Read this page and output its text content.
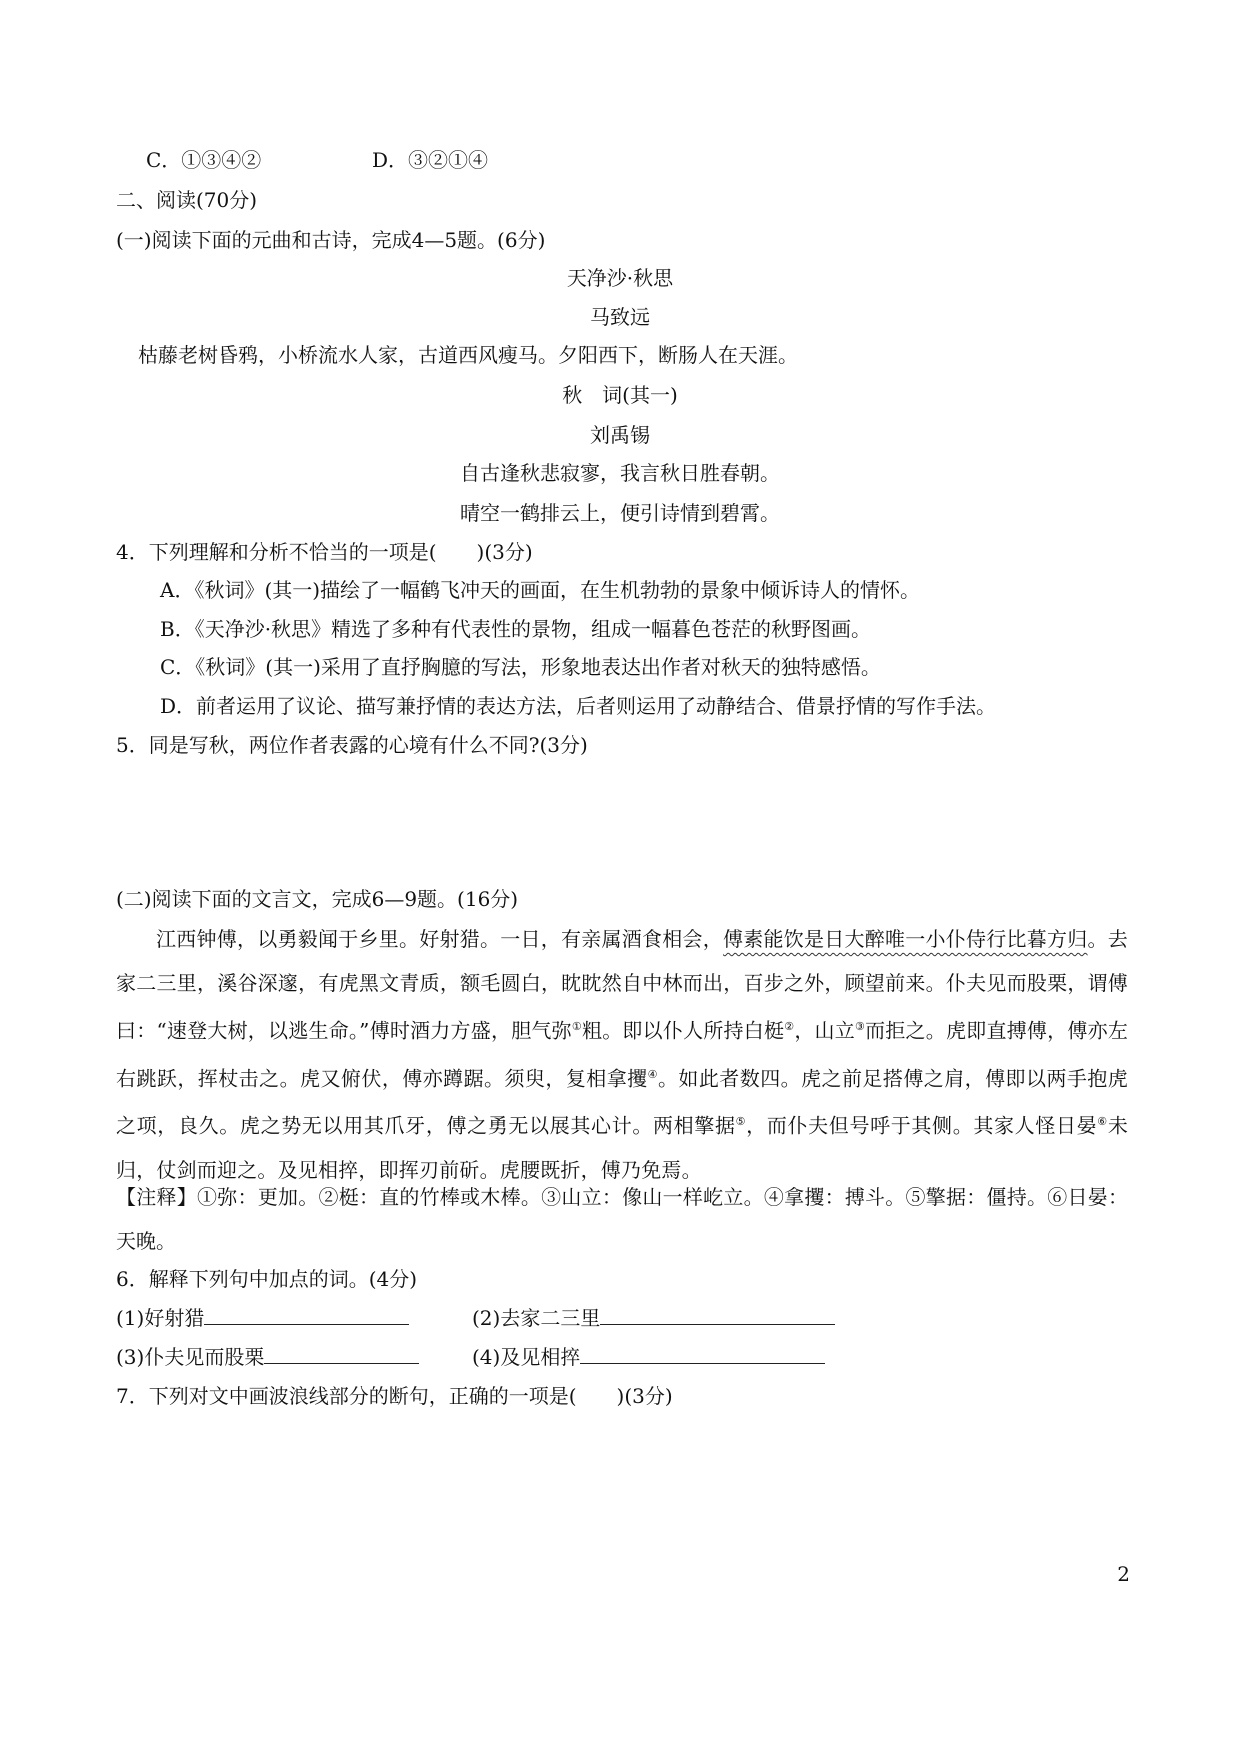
C．①③④②	D．③②①④
二、阅读(70分)
(一)阅读下面的元曲和古诗，完成4—5题。(6分)
天净沙·秋思
马致远
枯藤老树昏鸦，小桥流水人家，古道西风瘦马。夕阳西下，断肠人在天涯。
秋　词(其一)
刘禹锡
自古逢秋悲寂寥，我言秋日胜春朝。
晴空一鹤排云上，便引诗情到碧霄。
4．下列理解和分析不恰当的一项是(　　)(3分)
A．《秋词》(其一)描绘了一幅鹤飞冲天的画面，在生机勃勃的景象中倾诉诗人的情怀。
B．《天净沙·秋思》精选了多种有代表性的景物，组成一幅暮色苍茫的秋野图画。
C．《秋词》(其一)采用了直抒胸臆的写法，形象地表达出作者对秋天的独特感悟。
D．前者运用了议论、描写兼抒情的表达方法，后者则运用了动静结合、借景抒情的写作手法。
5．同是写秋，两位作者表露的心境有什么不同?(3分)
(二)阅读下面的文言文，完成6—9题。(16分)
江西钟傅，以勇毅闻于乡里。好射猎。一日，有亲属酒食相会，傅素能饮是日大醉唯一小仆侍行比暮方归。去家二三里，溪谷深邃，有虎黑文青质，额毛圆白，眈眈然自中林而出，百步之外，顾望前来。仆夫见而股栗，谓傅曰：“速登大树，以逃生命。”傅时酒力方盛，胆气弥①粗。即以仆人所持白梃②，山立③而拒之。虎即直搏傅，傅亦左右跳跃，挥杖击之。虎又俯伏，傅亦蹲踞。须臾，复相拿攫④。如此者数四。虎之前足搭傅之肩，傅即以两手抱虎之项，良久。虎之势无以用其爪牙，傅之勇无以展其心计。两相擎据⑤，而仆夫但号呼于其侧。其家人怪日晏⑥未归，仗剑而迎之。及见相捽，即挥刃前斫。虎腰既折，傅乃免焉。
【注释】①弥：更加。②梃：直的竹棒或木棒。③山立：像山一样屹立。④拿攫：搏斗。⑤擎据：僵持。⑥日晏：天晚。
6．解释下列句中加点的词。(4分)
(1)好射猎	(2)去家二三里
(3)仆夫见而股栗	(4)及见相捽
7．下列对文中画波浪线部分的断句，正确的一项是(　　)(3分)
2
